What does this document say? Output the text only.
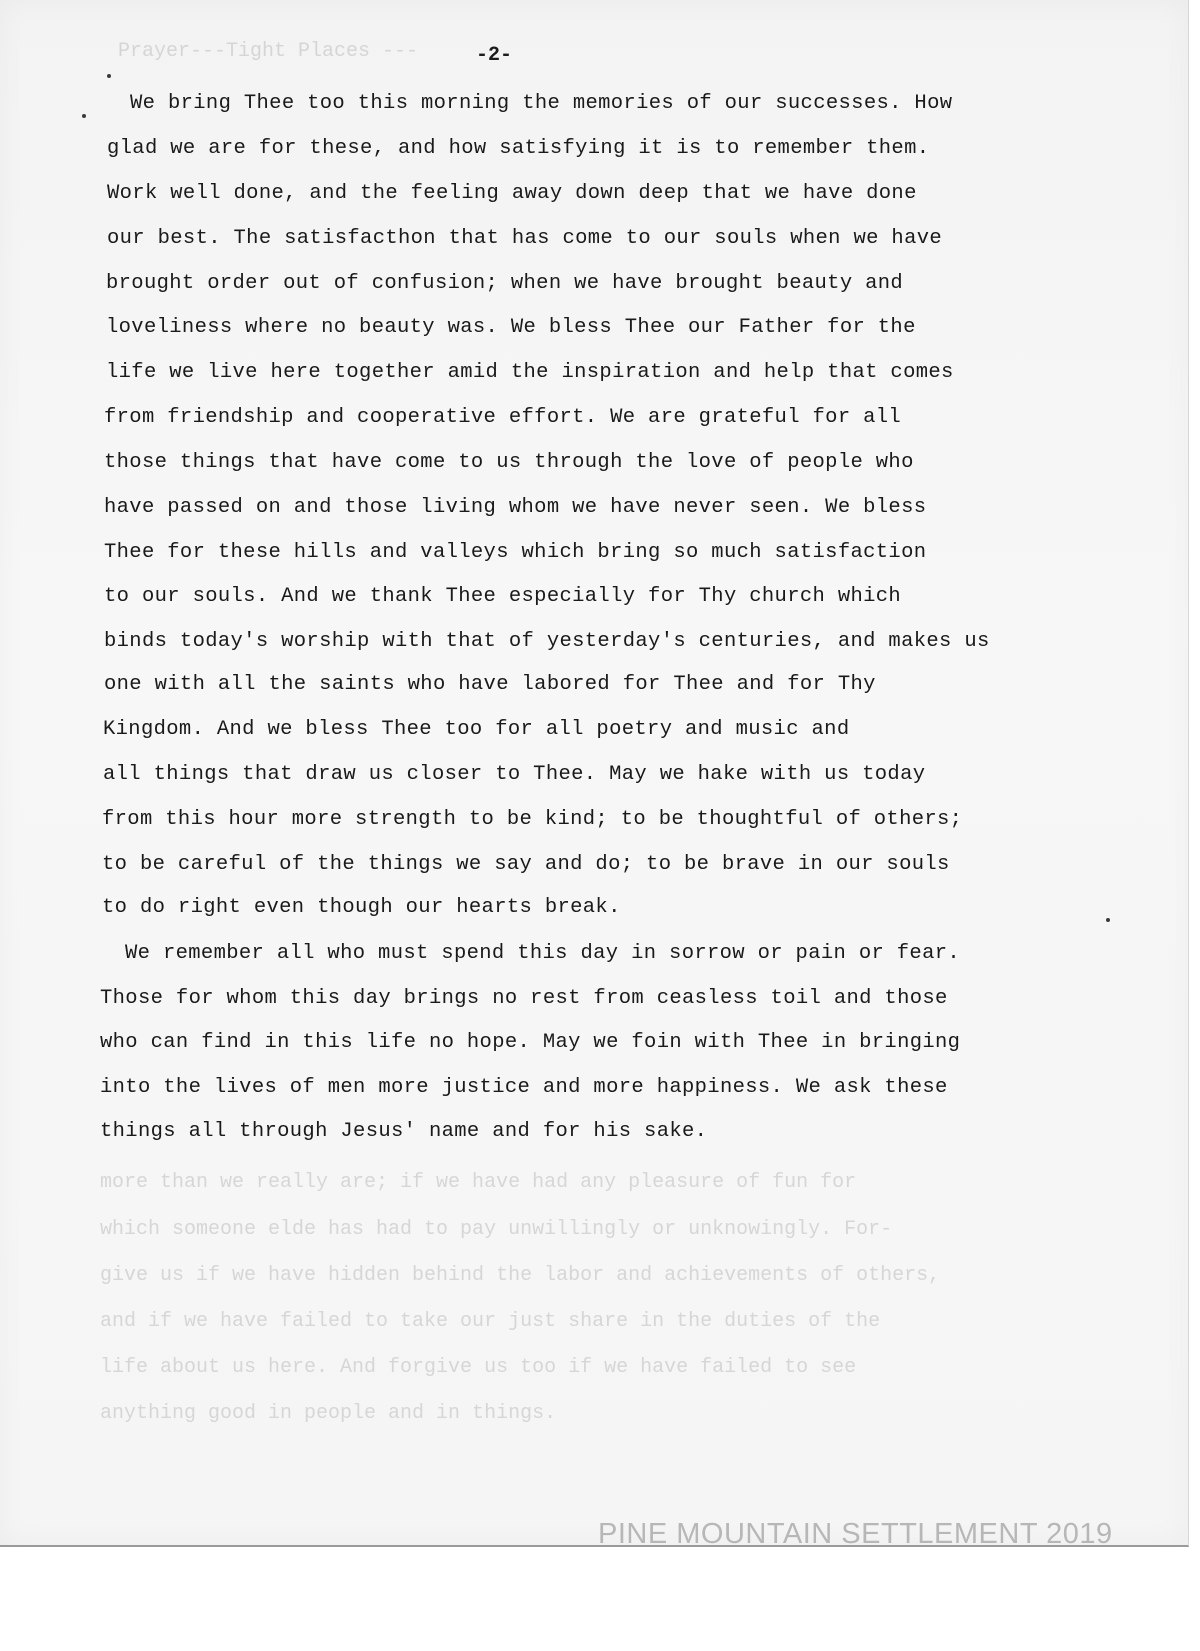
Prayer---Tight Places ---	-2-
We bring Thee too this morning the memories of our successes. How
glad we are for these, and how satisfying it is to remember them.
Work well done, and the feeling away down deep that we have done
our best. The satisfacthon that has come to our souls when we have
brought order out of confusion; when we have brought beauty and
loveliness where no beauty was. We bless Thee our Father for the
life we live here together amid the inspiration and help that comes
from friendship and cooperative effort. We are grateful for all
those things that have come to us through the love of people who
have passed on and those living whom we have never seen. We bless
Thee for these hills and valleys which bring so much satisfaction
to our souls. And we thank Thee especially for Thy church which
binds today's worship with that of yesterday's centuries, and makes us
one with all the saints who have labored for Thee and for Thy
Kingdom. And we bless Thee too for all poetry and music and
all things that draw us closer to Thee. May we hake with us today
from this hour more strength to be kind; to be thoughtful of others;
to be careful of the things we say and do; to be brave in our souls
to do right even though our hearts break.
We remember all who must spend this day in sorrow or pain or fear.
Those for whom this day brings no rest from ceasless toil and those
who can find in this life no hope. May we foin with Thee in bringing
into the lives of men more justice and more happiness. We ask these
things all through Jesus' name and for his sake.
more than we really are; if we have had any pleasure of fun for
which someone elde has had to pay unwillingly or unknowingly. For-
give us if we have hidden behind the labor and achievements of others,
and if we have failed to take our just share in the duties of the
life about us here. And forgive us too if we have failed to see
anything good in people and in things.
PINE MOUNTAIN SETTLEMENT 2019
